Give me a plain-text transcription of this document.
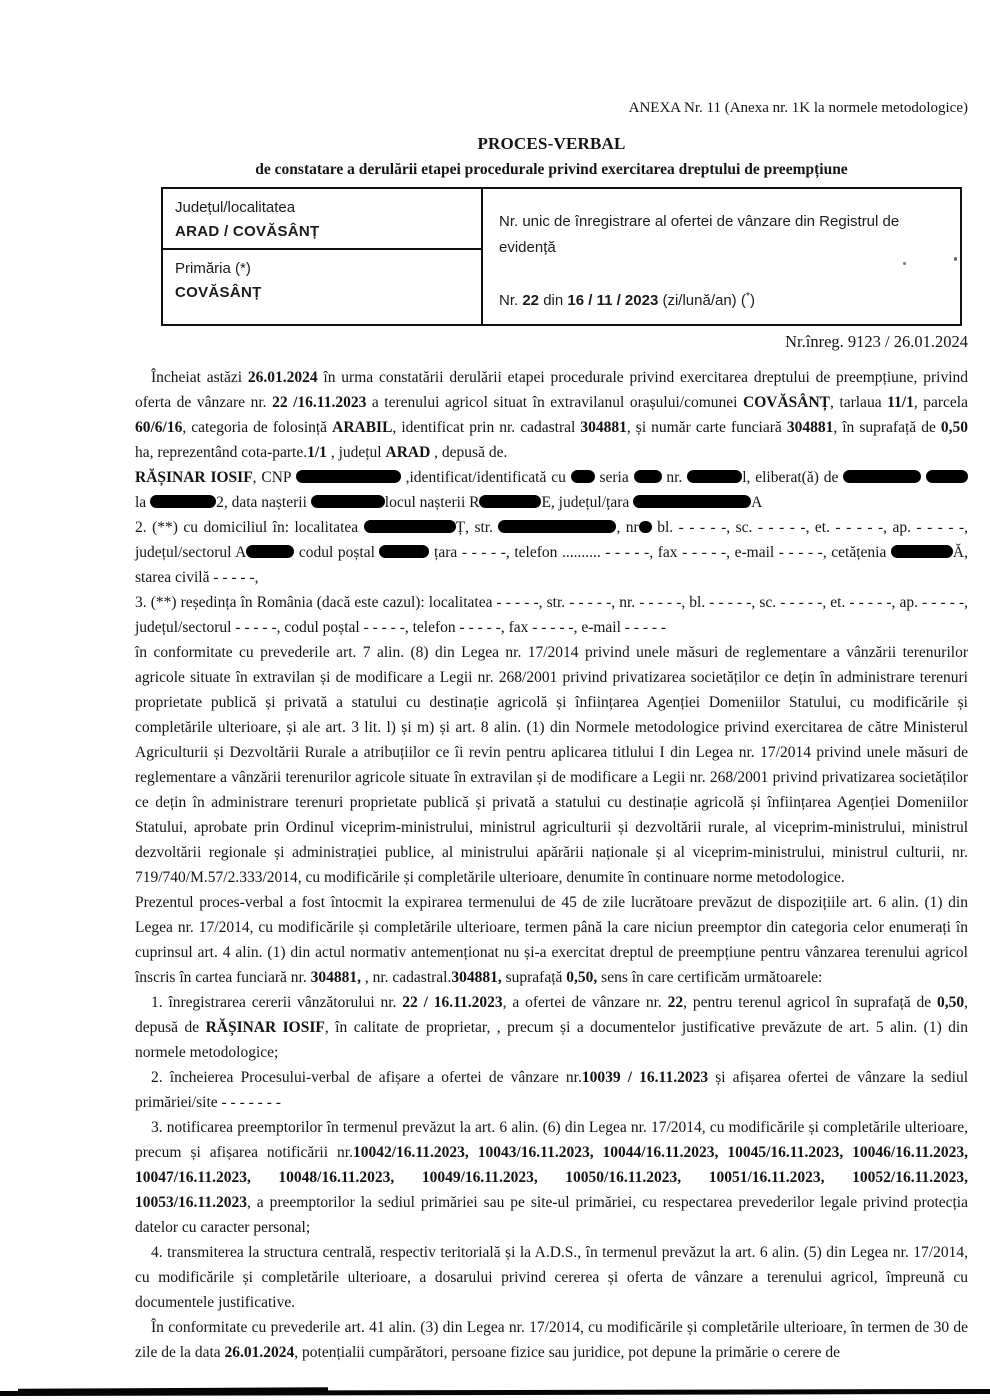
ANEXA Nr. 11 (Anexa nr. 1K la normele metodologice)
PROCES-VERBAL
de constatare a derulării etapei procedurale privind exercitarea dreptului de preempțiune
Județul/localitatea
ARAD / COVĂSÂNȚ
Primăria (*)
COVĂSÂNȚ
Nr. unic de înregistrare al ofertei de vânzare din Registrul de evidență
Nr. 22 din 16 / 11 / 2023 (zi/lună/an) (*)
Nr.înreg. 9123 / 26.01.2024

Încheiat astăzi 26.01.2024 în urma constatării derulării etapei procedurale privind exercitarea dreptului de preempțiune, privind oferta de vânzare nr. 22 /16.11.2023 a terenului agricol situat în extravilanul orașului/comunei COVĂSÂNȚ, tarlaua 11/1, parcela 60/6/16, categoria de folosință ARABIL, identificat prin nr. cadastral 304881, și număr carte funciară 304881, în suprafață de 0,50 ha, reprezentând cota-parte.1/1 , județul ARAD , depusă de.

RĂȘINAR IOSIF, CNP	,identificat/identificată cu  seria  nr.	l, eliberat(ă) de   la	2, data nașterii	locul nașterii R	E, județul/țara	A

2. (**) cu domiciliul în: localitatea	Ț, str.	, nr bl. - - - - -, sc. - - - - -, et. - - - - -, ap. - - - - -, județul/sectorul A	codul poștal	țara - - - - -, telefon .......... - - - - -, fax - - - - -, e-mail - - - - -, cetățenia	Ă, starea civilă - - - - -,

3. (**) reședința în România (dacă este cazul): localitatea - - - - -, str. - - - - -, nr. - - - - -, bl. - - - - -, sc. - - - - -, et. - - - - -, ap. - - - - -, județul/sectorul - - - - -, codul poștal - - - - -, telefon - - - - -, fax - - - - -, e-mail - - - - -

în conformitate cu prevederile art. 7 alin. (8) din Legea nr. 17/2014 privind unele măsuri de reglementare a vânzării terenurilor agricole situate în extravilan și de modificare a Legii nr. 268/2001 privind privatizarea societăților ce dețin în administrare terenuri proprietate publică și privată a statului cu destinație agricolă și înființarea Agenției Domeniilor Statului, cu modificările și completările ulterioare, și ale art. 3 lit. l) și m) și art. 8 alin. (1) din Normele metodologice privind exercitarea de către Ministerul Agriculturii și Dezvoltării Rurale a atribuțiilor ce îi revin pentru aplicarea titlului I din Legea nr. 17/2014 privind unele măsuri de reglementare a vânzării terenurilor agricole situate în extravilan și de modificare a Legii nr. 268/2001 privind privatizarea societăților ce dețin în administrare terenuri proprietate publică și privată a statului cu destinație agricolă și înființarea Agenției Domeniilor Statului, aprobate prin Ordinul viceprim-ministrului, ministrul agriculturii și dezvoltării rurale, al viceprim-ministrului, ministrul dezvoltării regionale și administrației publice, al ministrului apărării naționale și al viceprim-ministrului, ministrul culturii, nr. 719/740/M.57/2.333/2014, cu modificările și completările ulterioare, denumite în continuare norme metodologice.

Prezentul proces-verbal a fost întocmit la expirarea termenului de 45 de zile lucrătoare prevăzut de dispozițiile art. 6 alin. (1) din Legea nr. 17/2014, cu modificările și completările ulterioare, termen până la care niciun preemptor din categoria celor enumerați în cuprinsul art. 4 alin. (1) din actul normativ antemenționat nu și-a exercitat dreptul de preempțiune pentru vânzarea terenului agricol înscris în cartea funciară nr. 304881, , nr. cadastral.304881, suprafață 0,50, sens în care certificăm următoarele:

1. înregistrarea cererii vânzătorului nr. 22 / 16.11.2023, a ofertei de vânzare nr. 22, pentru terenul agricol în suprafață de 0,50, depusă de RĂȘINAR IOSIF, în calitate de proprietar, , precum și a documentelor justificative prevăzute de art. 5 alin. (1) din normele metodologice;

2. încheierea Procesului-verbal de afișare a ofertei de vânzare nr.10039 / 16.11.2023 și afișarea ofertei de vânzare la sediul primăriei/site - - - - - - -

3. notificarea preemptorilor în termenul prevăzut la art. 6 alin. (6) din Legea nr. 17/2014, cu modificările și completările ulterioare, precum și afișarea notificării nr.10042/16.11.2023, 10043/16.11.2023, 10044/16.11.2023, 10045/16.11.2023, 10046/16.11.2023, 10047/16.11.2023, 10048/16.11.2023, 10049/16.11.2023, 10050/16.11.2023, 10051/16.11.2023, 10052/16.11.2023, 10053/16.11.2023, a preemptorilor la sediul primăriei sau pe site-ul primăriei, cu respectarea prevederilor legale privind protecția datelor cu caracter personal;

4. transmiterea la structura centrală, respectiv teritorială și la A.D.S., în termenul prevăzut la art. 6 alin. (5) din Legea nr. 17/2014, cu modificările și completările ulterioare, a dosarului privind cererea și oferta de vânzare a terenului agricol, împreună cu documentele justificative.

În conformitate cu prevederile art. 41 alin. (3) din Legea nr. 17/2014, cu modificările și completările ulterioare, în termen de 30 de zile de la data 26.01.2024, potențialii cumpărători, persoane fizice sau juridice, pot depune la primărie o cerere de
